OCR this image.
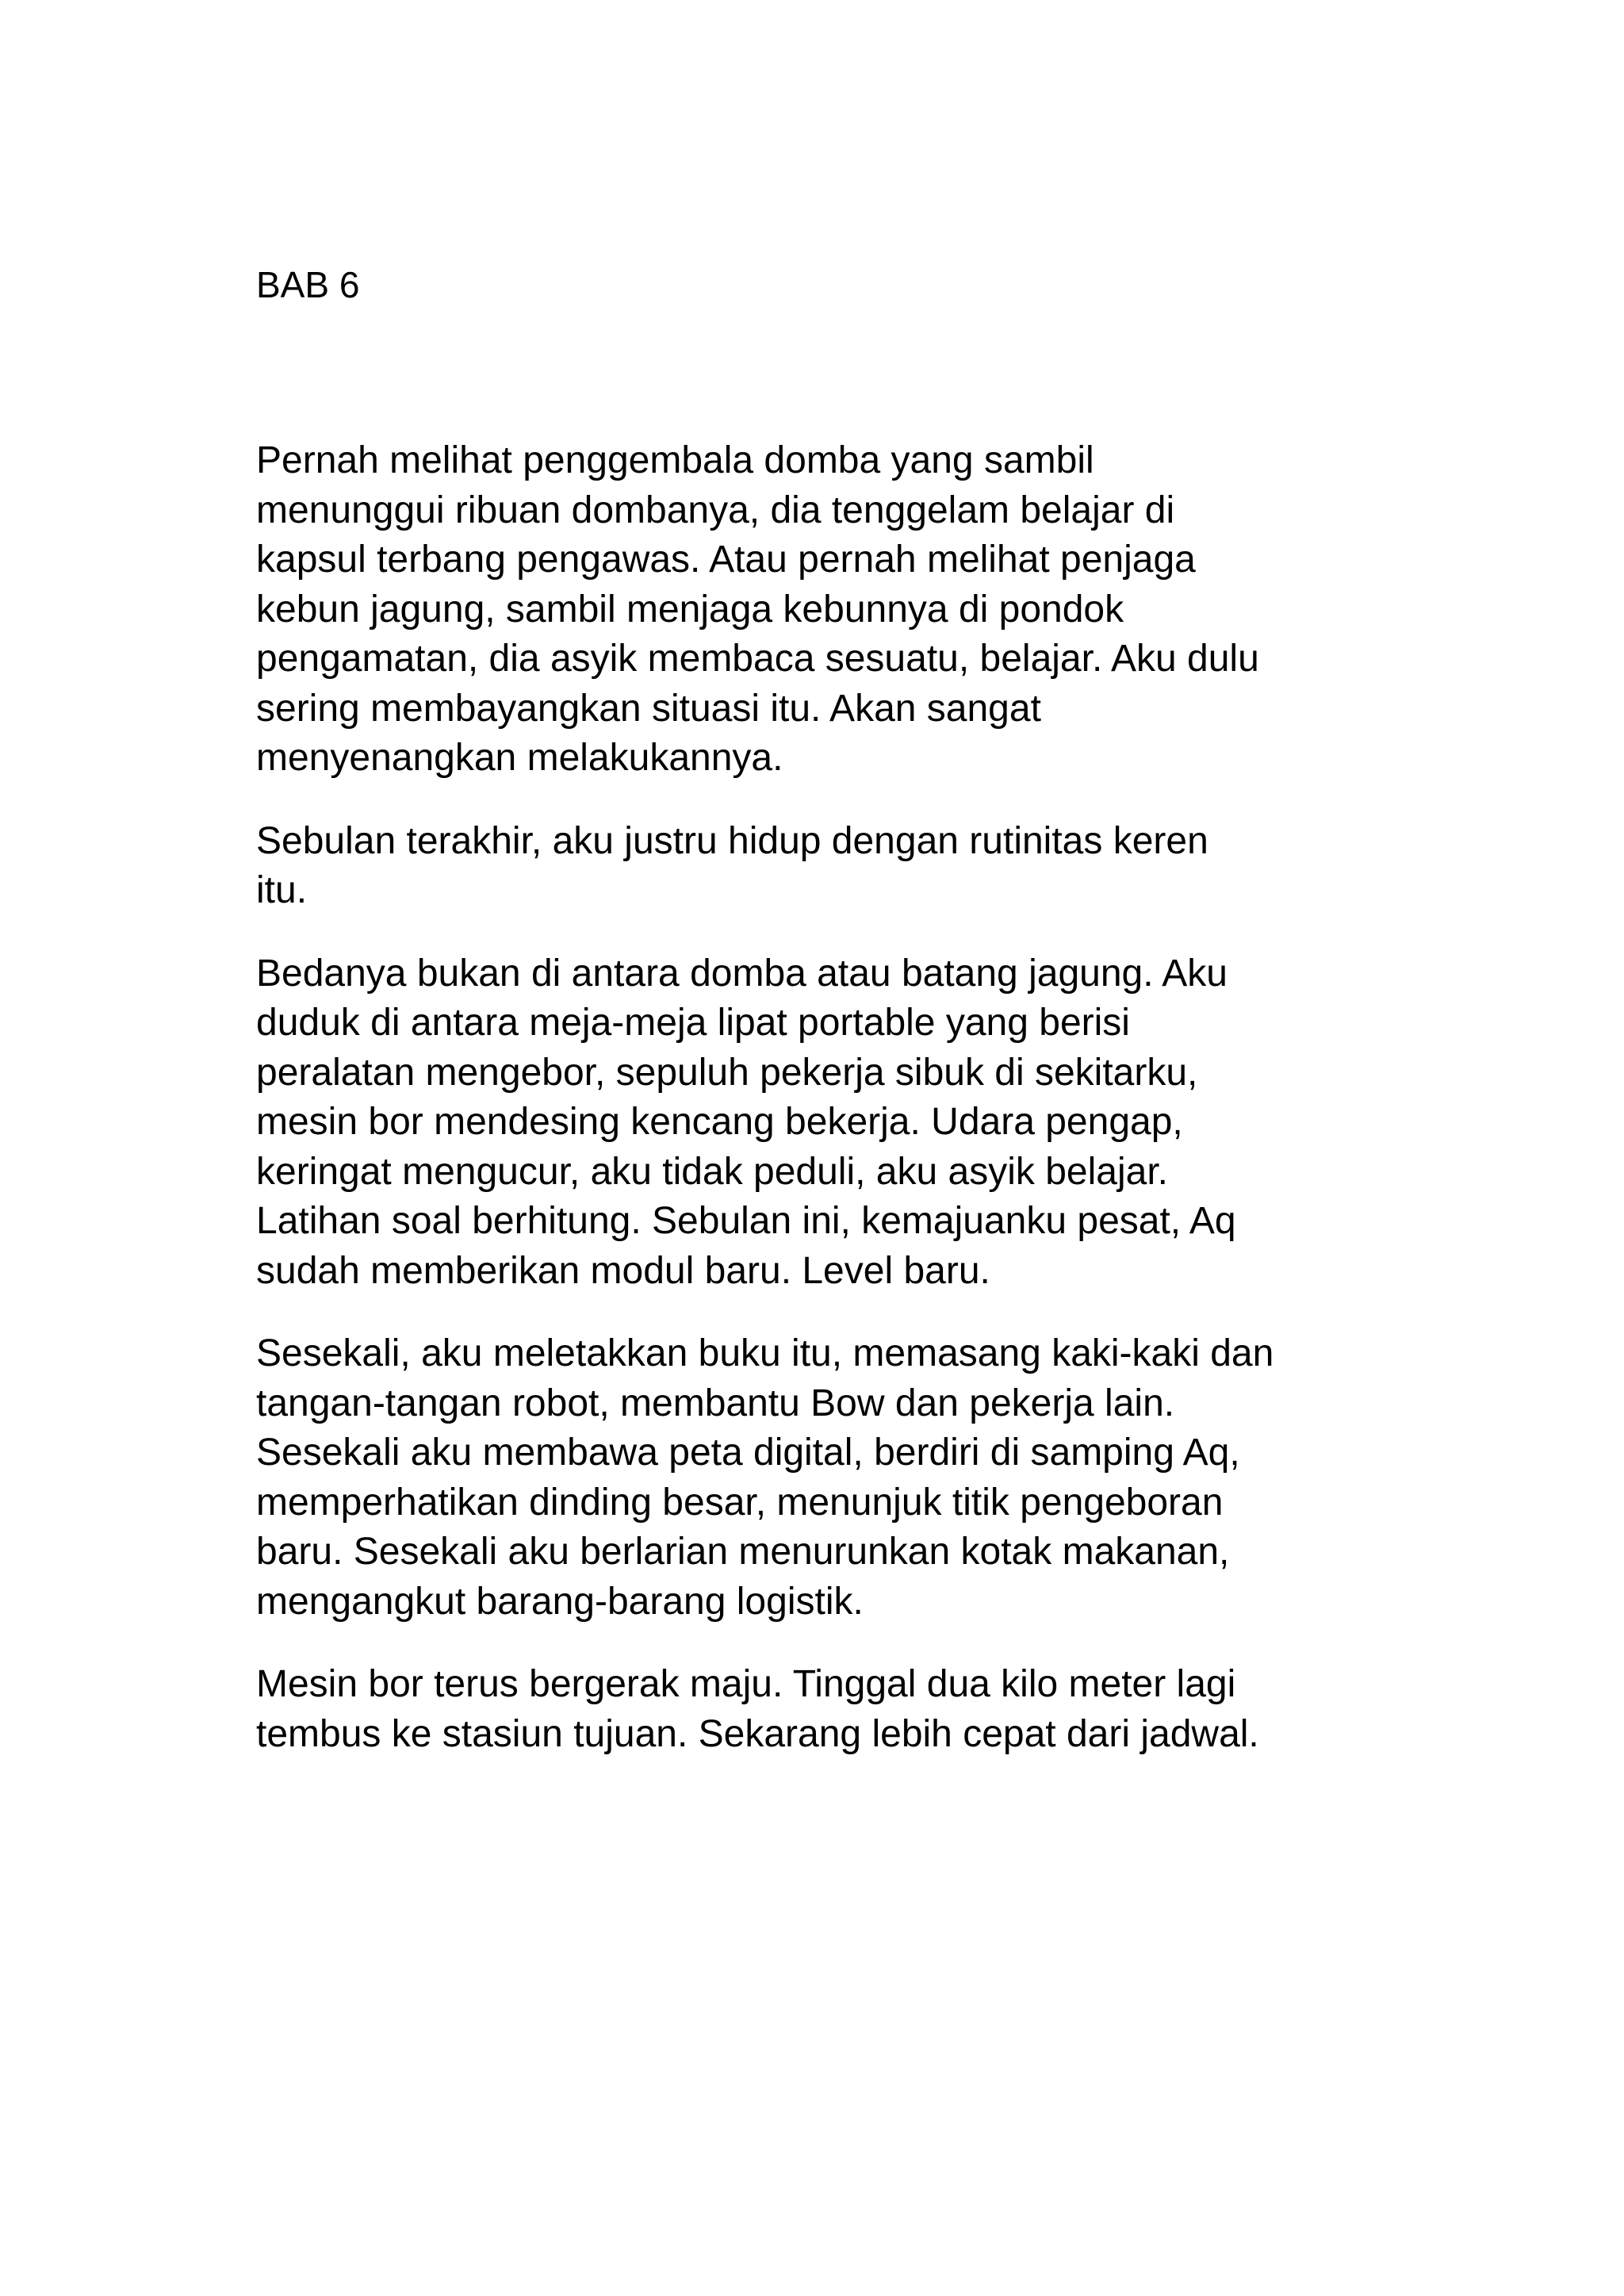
BAB 6

Pernah melihat penggembala domba yang sambil
menunggui ribuan dombanya, dia tenggelam belajar di
kapsul terbang pengawas. Atau pernah melihat penjaga
kebun jagung, sambil menjaga kebunnya di pondok
pengamatan, dia asyik membaca sesuatu, belajar. Aku dulu
sering membayangkan situasi itu. Akan sangat
menyenangkan melakukannya.

Sebulan terakhir, aku justru hidup dengan rutinitas keren
itu.

Bedanya bukan di antara domba atau batang jagung. Aku
duduk di antara meja-meja lipat portable yang berisi
peralatan mengebor, sepuluh pekerja sibuk di sekitarku,
mesin bor mendesing kencang bekerja. Udara pengap,
keringat mengucur, aku tidak peduli, aku asyik belajar.
Latihan soal berhitung. Sebulan ini, kemajuanku pesat, Aq
sudah memberikan modul baru. Level baru.

Sesekali, aku meletakkan buku itu, memasang kaki-kaki dan
tangan-tangan robot, membantu Bow dan pekerja lain.
Sesekali aku membawa peta digital, berdiri di samping Aq,
memperhatikan dinding besar, menunjuk titik pengeboran
baru. Sesekali aku berlarian menurunkan kotak makanan,
mengangkut barang-barang logistik.

Mesin bor terus bergerak maju. Tinggal dua kilo meter lagi
tembus ke stasiun tujuan. Sekarang lebih cepat dari jadwal.
